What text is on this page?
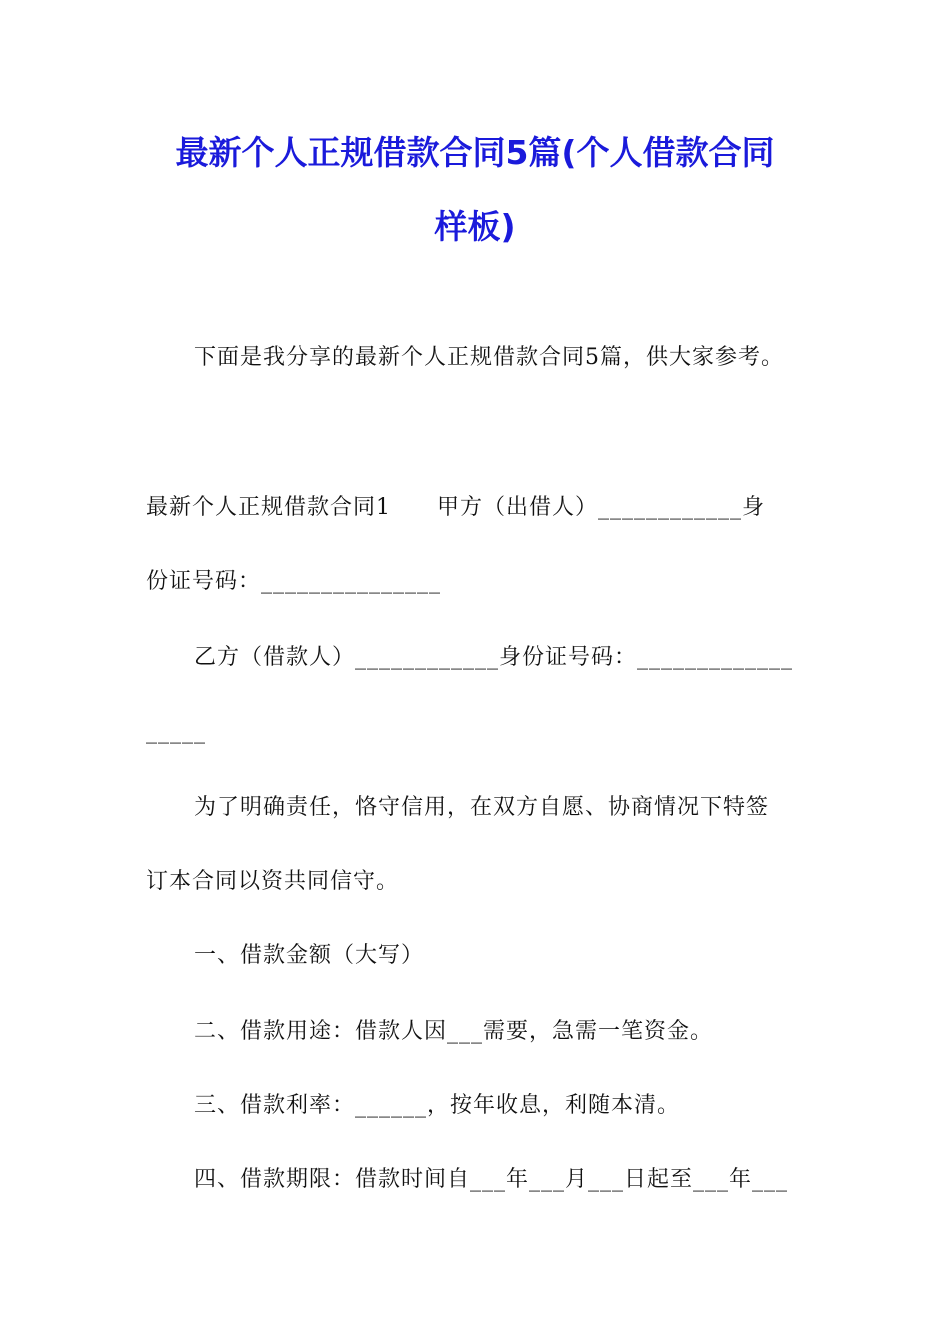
最新个人正规借款合同5篇(个人借款合同
样板)
下面是我分享的最新个人正规借款合同5篇，供大家参考。
最新个人正规借款合同1　　甲方（出借人）____________身
份证号码：_______________
乙方（借款人）____________身份证号码：_____________
_____
为了明确责任，恪守信用，在双方自愿、协商情况下特签
订本合同以资共同信守。
一、借款金额（大写）
二、借款用途：借款人因___需要，急需一笔资金。
三、借款利率：______，按年收息，利随本清。
四、借款期限：借款时间自___年___月___日起至___年___
